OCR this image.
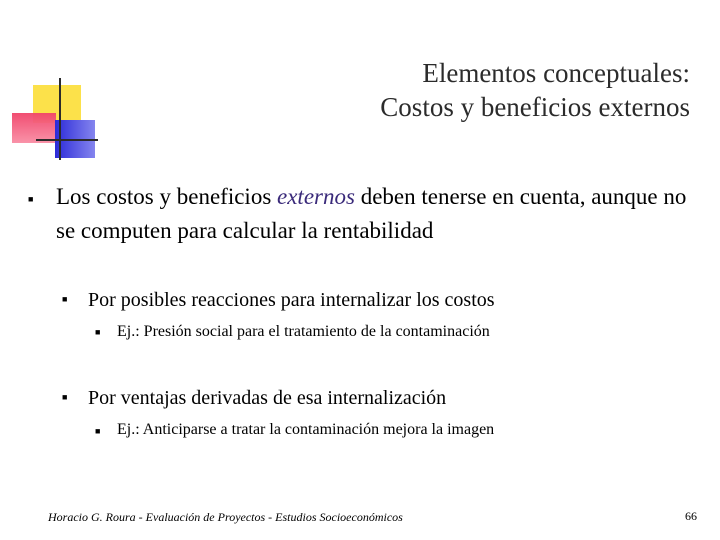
Elementos conceptuales:
Costos y beneficios externos
■
Los costos y beneficios externos deben tenerse en cuenta, aunque no se computen para calcular la rentabilidad
■
Por posibles reacciones para internalizar los costos
■
Ej.: Presión social para el tratamiento de la contaminación
■
Por ventajas derivadas de esa internalización
■
Ej.: Anticiparse a tratar la contaminación mejora la imagen
Horacio G. Roura - Evaluación de Proyectos - Estudios Socioeconómicos	66
